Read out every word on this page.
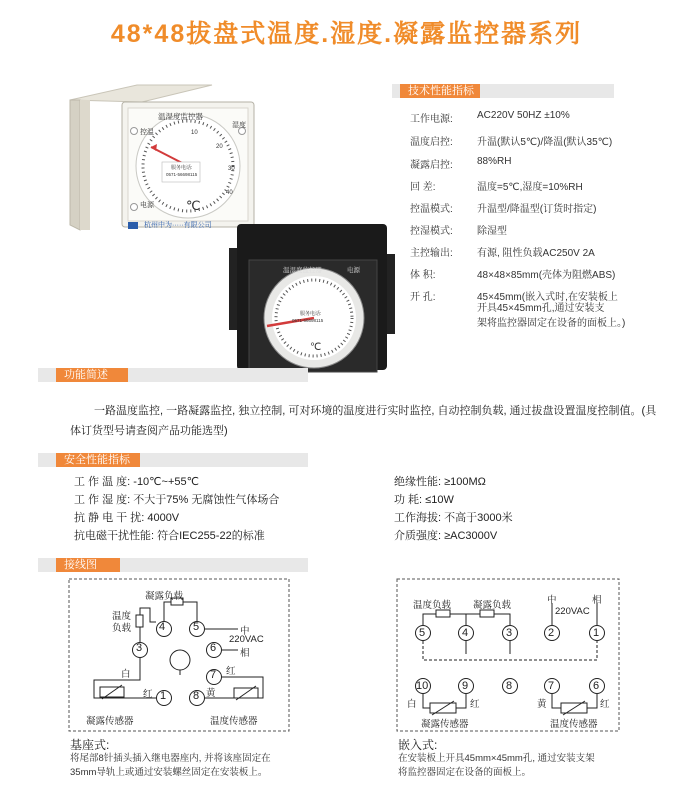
48*48拔盘式温度.湿度.凝露监控器系列
℃
温湿度监控器
控温
电源
湿度
服务电话:
0571-56698115
杭州中为·····有限公司
10
20
30
40
℃
温湿度监控器	电源
服务电话:
0571-56698115
技术性能指标
工作电源: AC220V 50HZ ±10%
温度启控: 升温(默认5℃)/降温(默认35℃)
凝露启控: 88%RH
回 差:	温度=5℃,湿度=10%RH
控温模式: 升温型/降温型(订货时指定)
控湿模式: 除湿型
主控输出: 有源, 阻性负载AC250V 2A
体 积:	48×48×85mm(壳体为阻燃ABS)
开 孔:	45×45mm(嵌入式时,在安装板上
开具45×45mm孔,通过安装支
架将监控器固定在设备的面板上。)
功能简述
一路温度监控, 一路凝露监控, 独立控制, 可对环境的温度进行实时监控, 自动控制负载, 通过拔盘设置温度控制值。(具体订货型号请查阅产品功能选型)
安全性能指标
工 作 温 度: -10℃~+55℃
工 作 湿 度: 不大于75% 无腐蚀性气体场合
抗 静 电 干 扰: 4000V
抗电磁干扰性能: 符合IEC255-22的标准
绝缘性能: ≥100MΩ
功 耗: ≤10W
工作海拔: 不高于3000米
介质强度: ≥AC3000V
接线图
4	5
3	6
1 8
7
凝露负载
温度
负载	中
220VAC
相
白
红
红
黄
凝露传感器	温度传感器
基座式:
将尾部8针插头插入继电器座内, 并将该座固定在
35mm导轨上或通过安装螺丝固定在安装板上。
5	4	3	2	1
10	9	8	7	6
温度负载 凝露负载	中	相
220VAC
白	红	黄	红
凝露传感器	温度传感器
嵌入式:
在安装板上开具45mm×45mm孔, 通过安装支架
将监控器固定在设备的面板上。
